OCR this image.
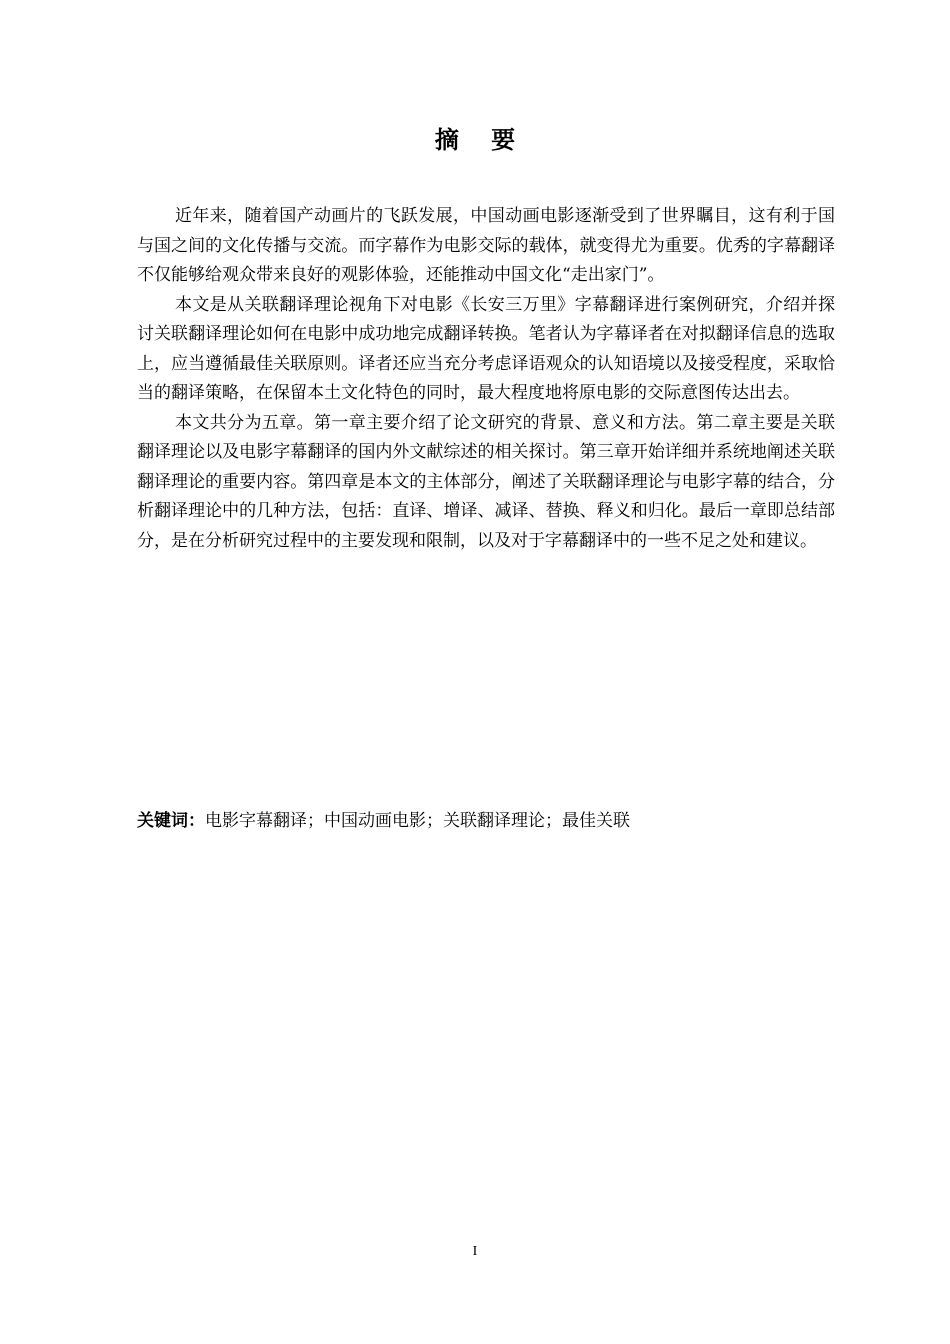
摘 要

近年来，随着国产动画片的飞跃发展，中国动画电影逐渐受到了世界瞩目，这有利于国与国之间的文化传播与交流。而字幕作为电影交际的载体，就变得尤为重要。优秀的字幕翻译不仅能够给观众带来良好的观影体验，还能推动中国文化“走出家门”。

本文是从关联翻译理论视角下对电影《长安三万里》字幕翻译进行案例研究，介绍并探讨关联翻译理论如何在电影中成功地完成翻译转换。笔者认为字幕译者在对拟翻译信息的选取上，应当遵循最佳关联原则。译者还应当充分考虑译语观众的认知语境以及接受程度，采取恰当的翻译策略，在保留本土文化特色的同时，最大程度地将原电影的交际意图传达出去。

本文共分为五章。第一章主要介绍了论文研究的背景、意义和方法。第二章主要是关联翻译理论以及电影字幕翻译的国内外文献综述的相关探讨。第三章开始详细并系统地阐述关联翻译理论的重要内容。第四章是本文的主体部分，阐述了关联翻译理论与电影字幕的结合，分析翻译理论中的几种方法，包括：直译、增译、减译、替换、释义和归化。最后一章即总结部分，是在分析研究过程中的主要发现和限制，以及对于字幕翻译中的一些不足之处和建议。

关键词：电影字幕翻译；中国动画电影；关联翻译理论；最佳关联
I
